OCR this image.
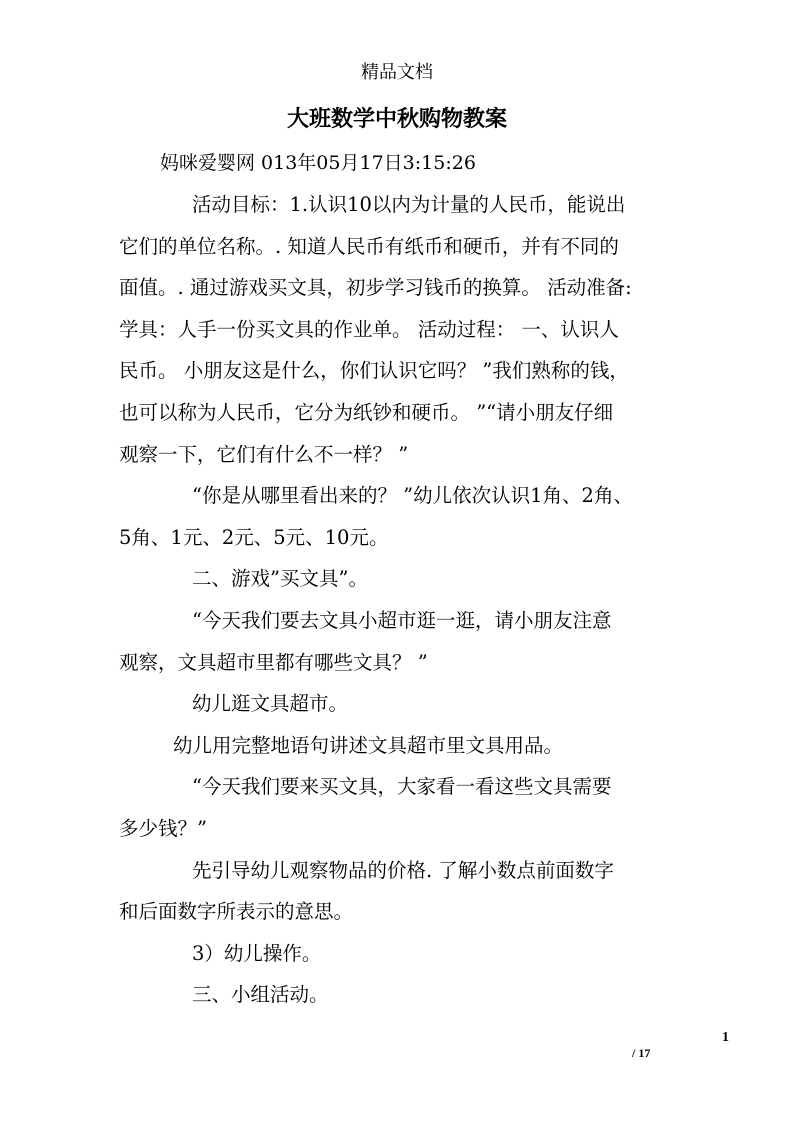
精品文档
大班数学中秋购物教案
妈咪爱婴网 013年05月17日3:15:26
活动目标：1.认识10以内为计量的人民币，能说出
它们的单位名称。. 知道人民币有纸币和硬币，并有不同的
面值。. 通过游戏买文具，初步学习钱币的换算。 活动准备:
学具：人手一份买文具的作业单。 活动过程： 一、认识人
民币。 小朋友这是什么，你们认识它吗？ ”我们熟称的钱，
也可以称为人民币，它分为纸钞和硬币。 ”“请小朋友仔细
观察一下，它们有什么不一样？ ”
“你是从哪里看出来的？ ”幼儿依次认识1角、2角、
5角、1元、2元、5元、10元。
二、游戏”买文具”。
“今天我们要去文具小超市逛一逛，请小朋友注意
观察，文具超市里都有哪些文具？ ”
幼儿逛文具超市。
幼儿用完整地语句讲述文具超市里文具用品。
“今天我们要来买文具，大家看一看这些文具需要
多少钱？”
先引导幼儿观察物品的价格. 了解小数点前面数字
和后面数字所表示的意思。
3）幼儿操作。
三、小组活动。
1
/ 17
